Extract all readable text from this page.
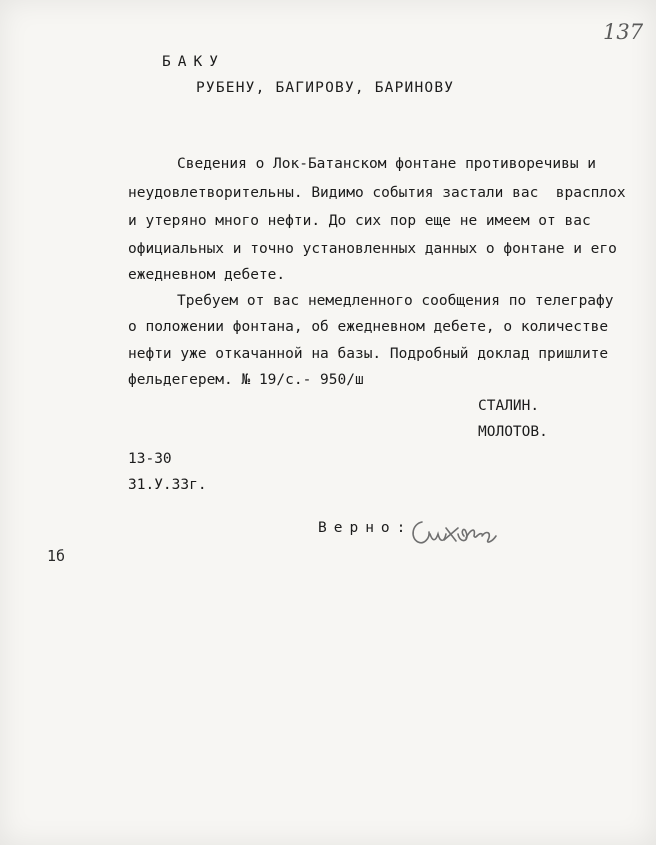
137
БАКУ
РУБЕНУ, БАГИРОВУ, БАРИНОВУ
Сведения о Лок-Батанском фонтане противоречивы и
неудовлетворительны. Видимо события застали вас  врасплох
и утеряно много нефти. До сих пор еще не имеем от вас
официальных и точно установленных данных о фонтане и его
ежедневном дебете.
Требуем от вас немедленного сообщения по телеграфу
о положении фонтана, об ежедневном дебете, о количестве
нефти уже откачанной на базы. Подробный доклад пришлите
фельдегерем. № 19/с.- 950/ш
СТАЛИН.
МОЛОТОВ.
13-30
31.У.33г.
Верно:
1б
